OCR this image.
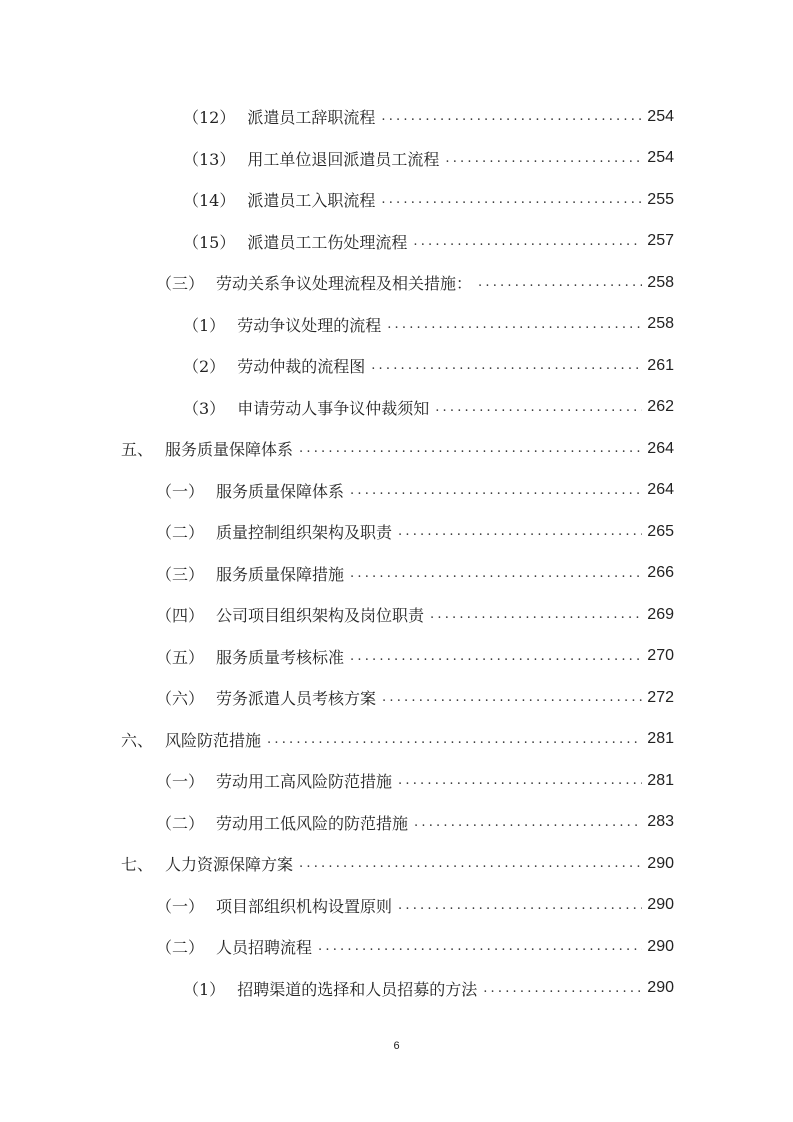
（12） 派遣员工辞职流程 .....	254
（13） 用工单位退回派遣员工流程 .....	254
（14） 派遣员工入职流程 .....	255
（15） 派遣员工工伤处理流程 .....	257
（三） 劳动关系争议处理流程及相关措施： .....	258
（1） 劳动争议处理的流程 .....	258
（2） 劳动仲裁的流程图 .....	261
（3） 申请劳动人事争议仲裁须知 .....	262
五、 服务质量保障体系 .....	264
（一） 服务质量保障体系 .....	264
（二） 质量控制组织架构及职责 .....	265
（三） 服务质量保障措施 .....	266
（四） 公司项目组织架构及岗位职责 .....	269
（五） 服务质量考核标准 .....	270
（六） 劳务派遣人员考核方案 .....	272
六、 风险防范措施 .....	281
（一） 劳动用工高风险防范措施 .....	281
（二） 劳动用工低风险的防范措施 .....	283
七、 人力资源保障方案 .....	290
（一） 项目部组织机构设置原则 .....	290
（二） 人员招聘流程 .....	290
（1） 招聘渠道的选择和人员招募的方法 .....	290
6
